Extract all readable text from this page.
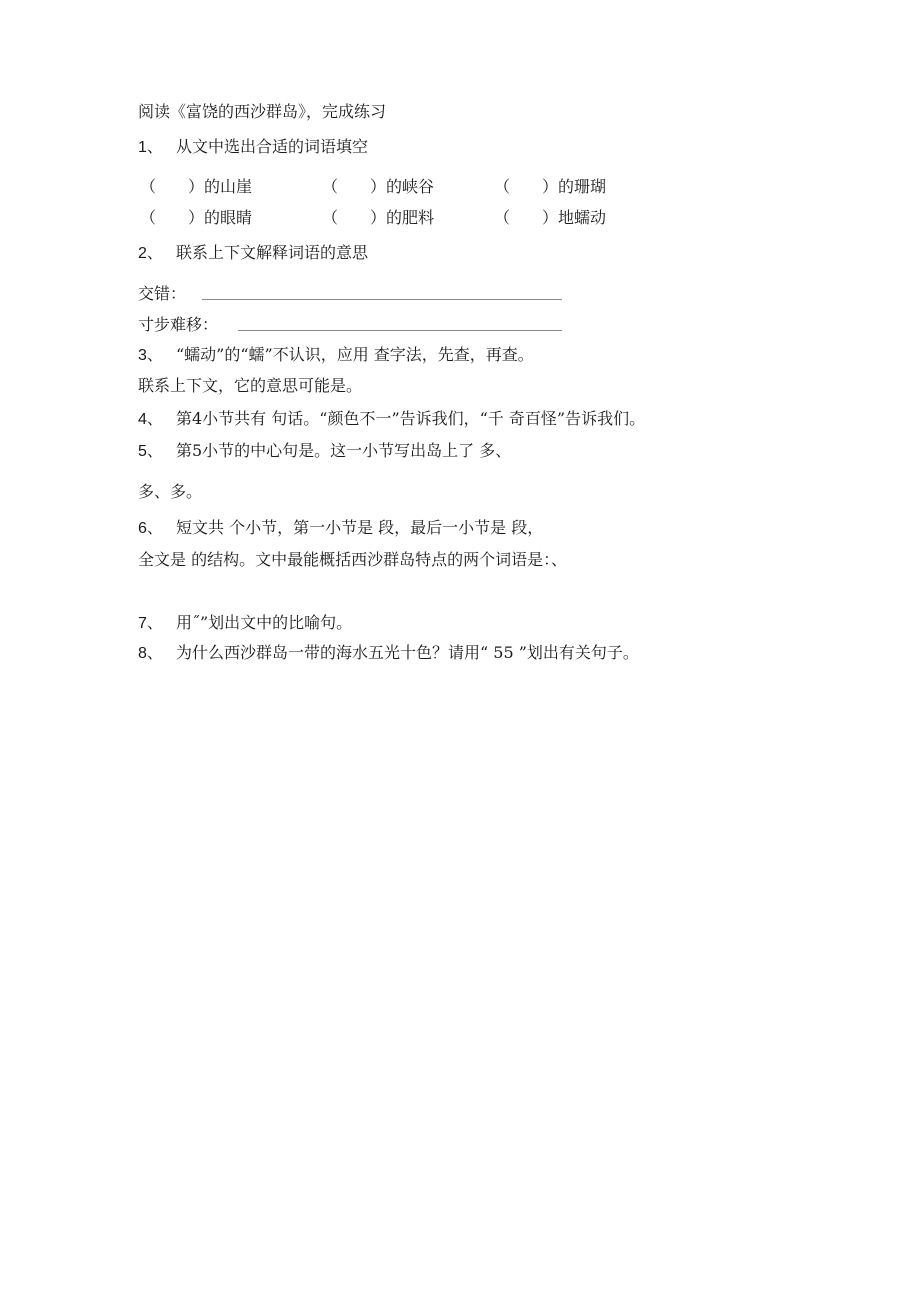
阅读《富饶的西沙群岛》，完成练习
1、 从文中选出合适的词语填空
（　　）的山崖	（　　）的峡谷	（　　）的珊瑚
（　　）的眼睛	（　　）的肥料	（　　）地蠕动
2、 联系上下文解释词语的意思
交错：
寸步难移：
3、 “蠕动”的“蠕”不认识，应用 查字法，先查，再查。
联系上下文，它的意思可能是。
4、 第4小节共有 句话。“颜色不一”告诉我们，“千 奇百怪”告诉我们。
5、 第5小节的中心句是。这一小节写出岛上了 多、
多、多。
6、 短文共 个小节，第一小节是 段，最后一小节是 段，
全文是 的结构。文中最能概括西沙群岛特点的两个词语是：、
7、 用˝”划出文中的比喻句。
8、 为什么西沙群岛一带的海水五光十色？请用“ 55 ”划出有关句子。
